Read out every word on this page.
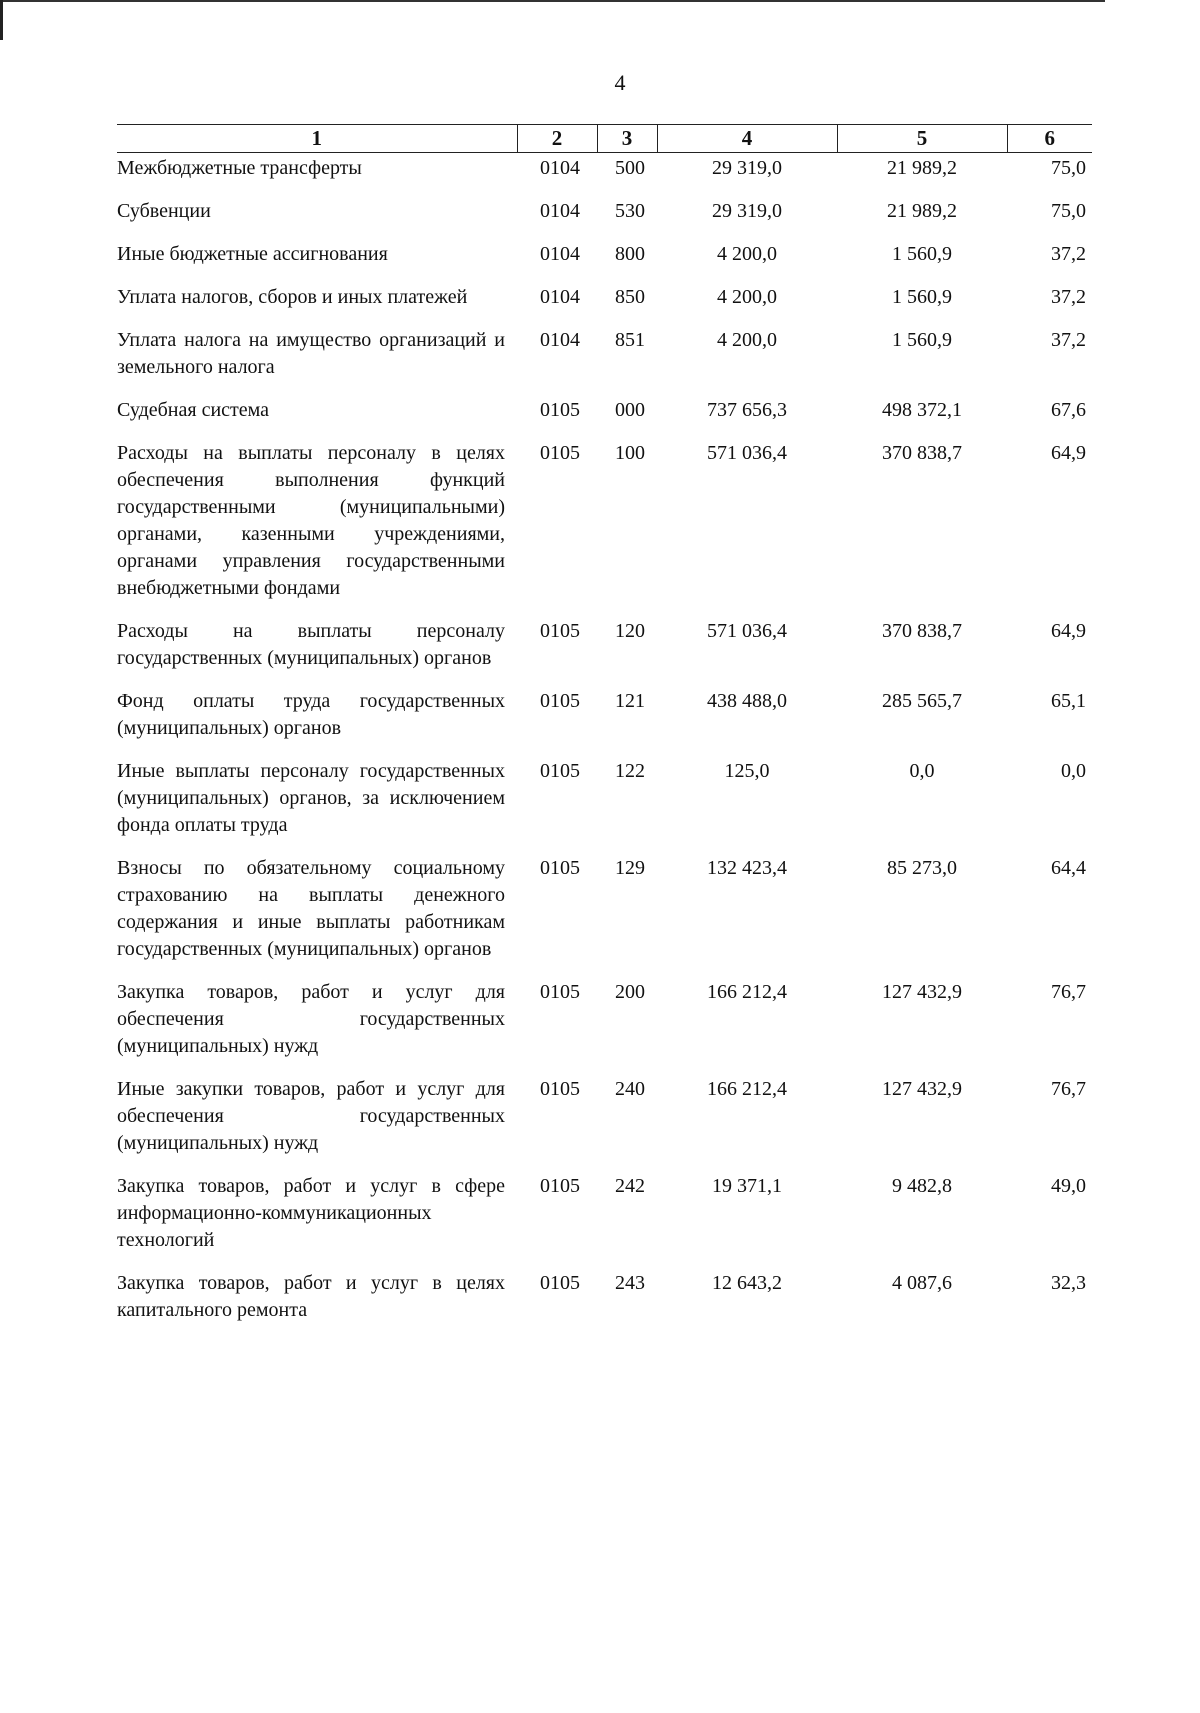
4
1	2	3	4	5	6
Межбюджетные трансферты	0104	500	29 319,0	21 989,2	75,0
Субвенции	0104	530	29 319,0	21 989,2	75,0
Иные бюджетные ассигнования	0104	800	4 200,0	1 560,9	37,2
Уплата налогов, сборов и иных платежей	0104	850	4 200,0	1 560,9	37,2
Уплата налога на имущество организаций и земельного налога	0104	851	4 200,0	1 560,9	37,2
Судебная система	0105	000	737 656,3	498 372,1	67,6
Расходы на выплаты персоналу в целях обеспечения выполнения функций государственными (муниципальными) органами, казенными учреждениями, органами управления государственными внебюджетными фондами	0105	100	571 036,4	370 838,7	64,9
Расходы на выплаты персоналу государственных (муниципальных) органов	0105	120	571 036,4	370 838,7	64,9
Фонд оплаты труда государственных (муниципальных) органов	0105	121	438 488,0	285 565,7	65,1
Иные выплаты персоналу государственных (муниципальных) органов, за исключением фонда оплаты труда	0105	122	125,0	0,0	0,0
Взносы по обязательному социальному страхованию на выплаты денежного содержания и иные выплаты работникам государственных (муниципальных) органов	0105	129	132 423,4	85 273,0	64,4
Закупка товаров, работ и услуг для обеспечения государственных (муниципальных) нужд	0105	200	166 212,4	127 432,9	76,7
Иные закупки товаров, работ и услуг для обеспечения государственных (муниципальных) нужд	0105	240	166 212,4	127 432,9	76,7
Закупка товаров, работ и услуг в сфере информационно-коммуникационных технологий	0105	242	19 371,1	9 482,8	49,0
Закупка товаров, работ и услуг в целях капитального ремонта	0105	243	12 643,2	4 087,6	32,3
